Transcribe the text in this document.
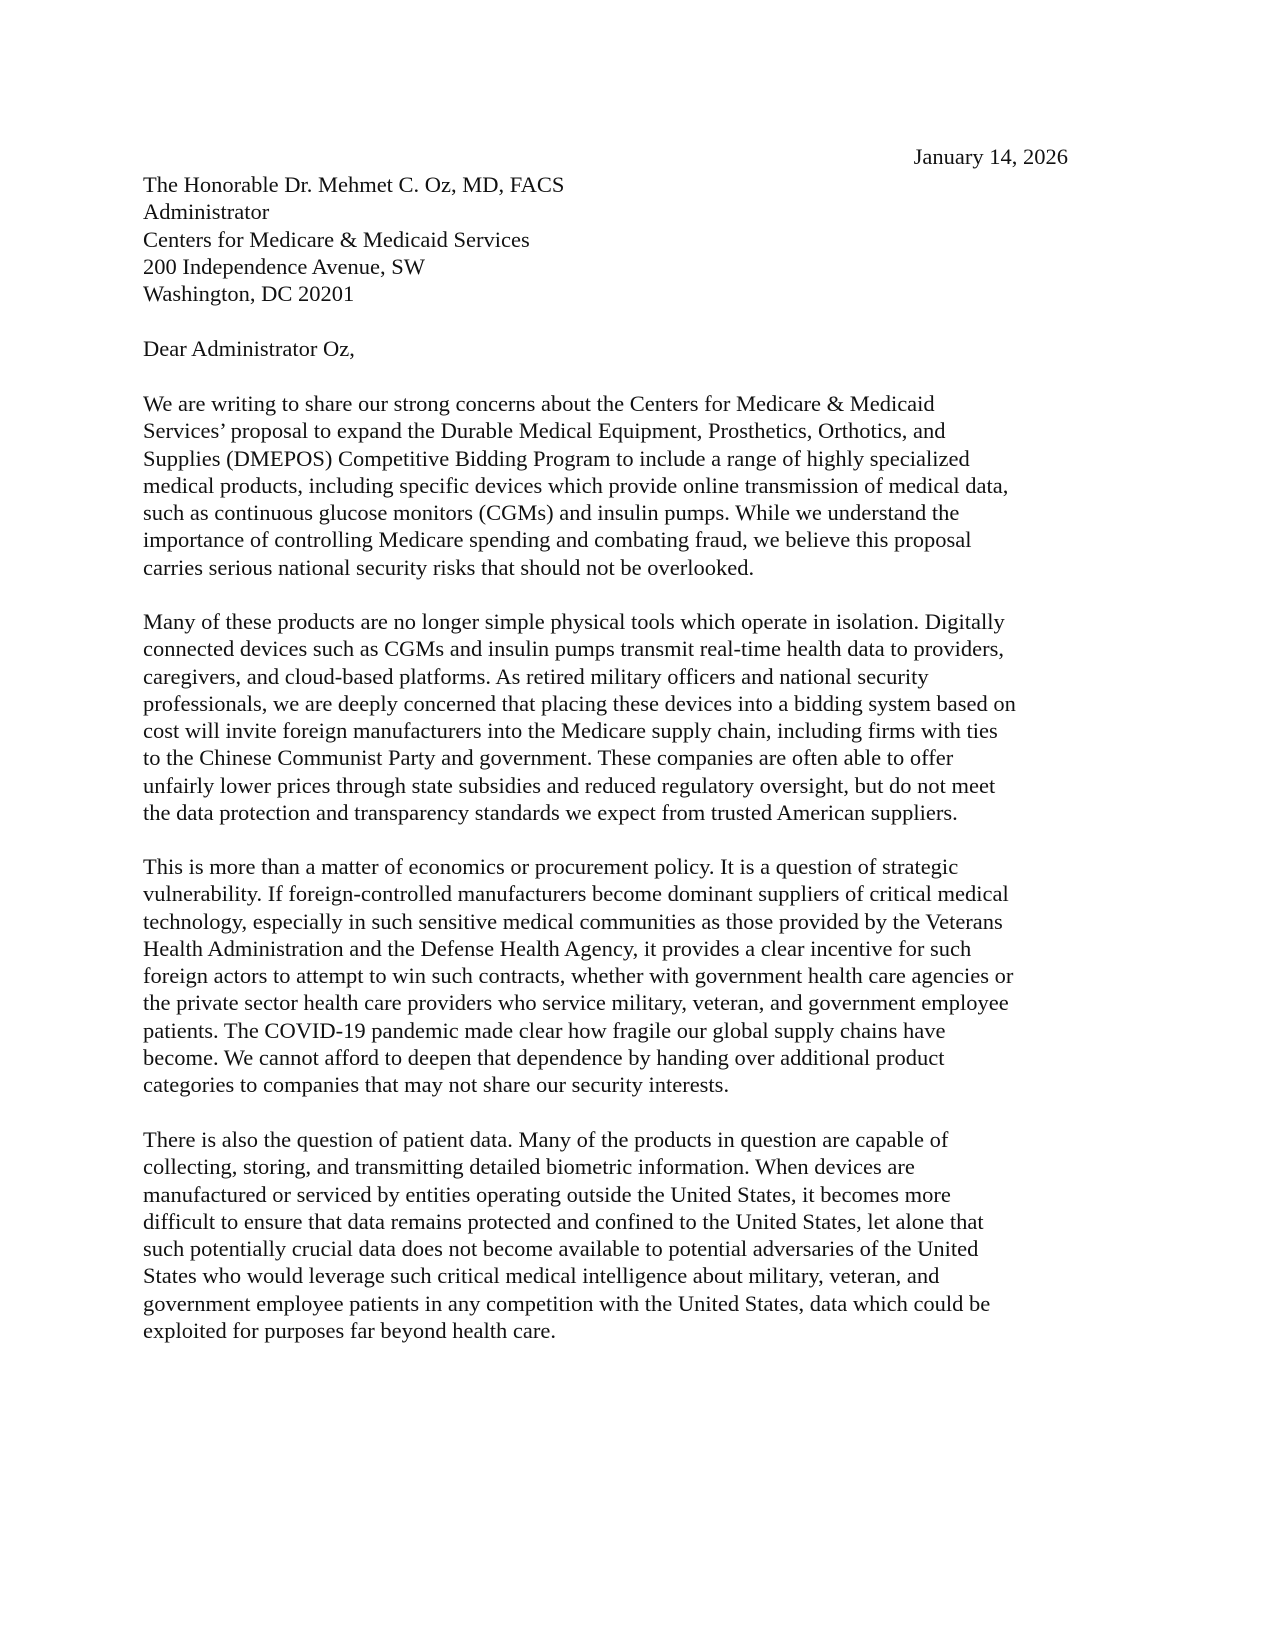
January 14, 2026
The Honorable Dr. Mehmet C. Oz, MD, FACS
Administrator
Centers for Medicare & Medicaid Services
200 Independence Avenue, SW
Washington, DC 20201
Dear Administrator Oz,
We are writing to share our strong concerns about the Centers for Medicare & Medicaid
Services’ proposal to expand the Durable Medical Equipment, Prosthetics, Orthotics, and
Supplies (DMEPOS) Competitive Bidding Program to include a range of highly specialized
medical products, including specific devices which provide online transmission of medical data,
such as continuous glucose monitors (CGMs) and insulin pumps. While we understand the
importance of controlling Medicare spending and combating fraud, we believe this proposal
carries serious national security risks that should not be overlooked.
Many of these products are no longer simple physical tools which operate in isolation. Digitally
connected devices such as CGMs and insulin pumps transmit real-time health data to providers,
caregivers, and cloud-based platforms. As retired military officers and national security
professionals, we are deeply concerned that placing these devices into a bidding system based on
cost will invite foreign manufacturers into the Medicare supply chain, including firms with ties
to the Chinese Communist Party and government. These companies are often able to offer
unfairly lower prices through state subsidies and reduced regulatory oversight, but do not meet
the data protection and transparency standards we expect from trusted American suppliers.
This is more than a matter of economics or procurement policy. It is a question of strategic
vulnerability. If foreign-controlled manufacturers become dominant suppliers of critical medical
technology, especially in such sensitive medical communities as those provided by the Veterans
Health Administration and the Defense Health Agency, it provides a clear incentive for such
foreign actors to attempt to win such contracts, whether with government health care agencies or
the private sector health care providers who service military, veteran, and government employee
patients. The COVID-19 pandemic made clear how fragile our global supply chains have
become. We cannot afford to deepen that dependence by handing over additional product
categories to companies that may not share our security interests.
There is also the question of patient data. Many of the products in question are capable of
collecting, storing, and transmitting detailed biometric information. When devices are
manufactured or serviced by entities operating outside the United States, it becomes more
difficult to ensure that data remains protected and confined to the United States, let alone that
such potentially crucial data does not become available to potential adversaries of the United
States who would leverage such critical medical intelligence about military, veteran, and
government employee patients in any competition with the United States, data which could be
exploited for purposes far beyond health care.
